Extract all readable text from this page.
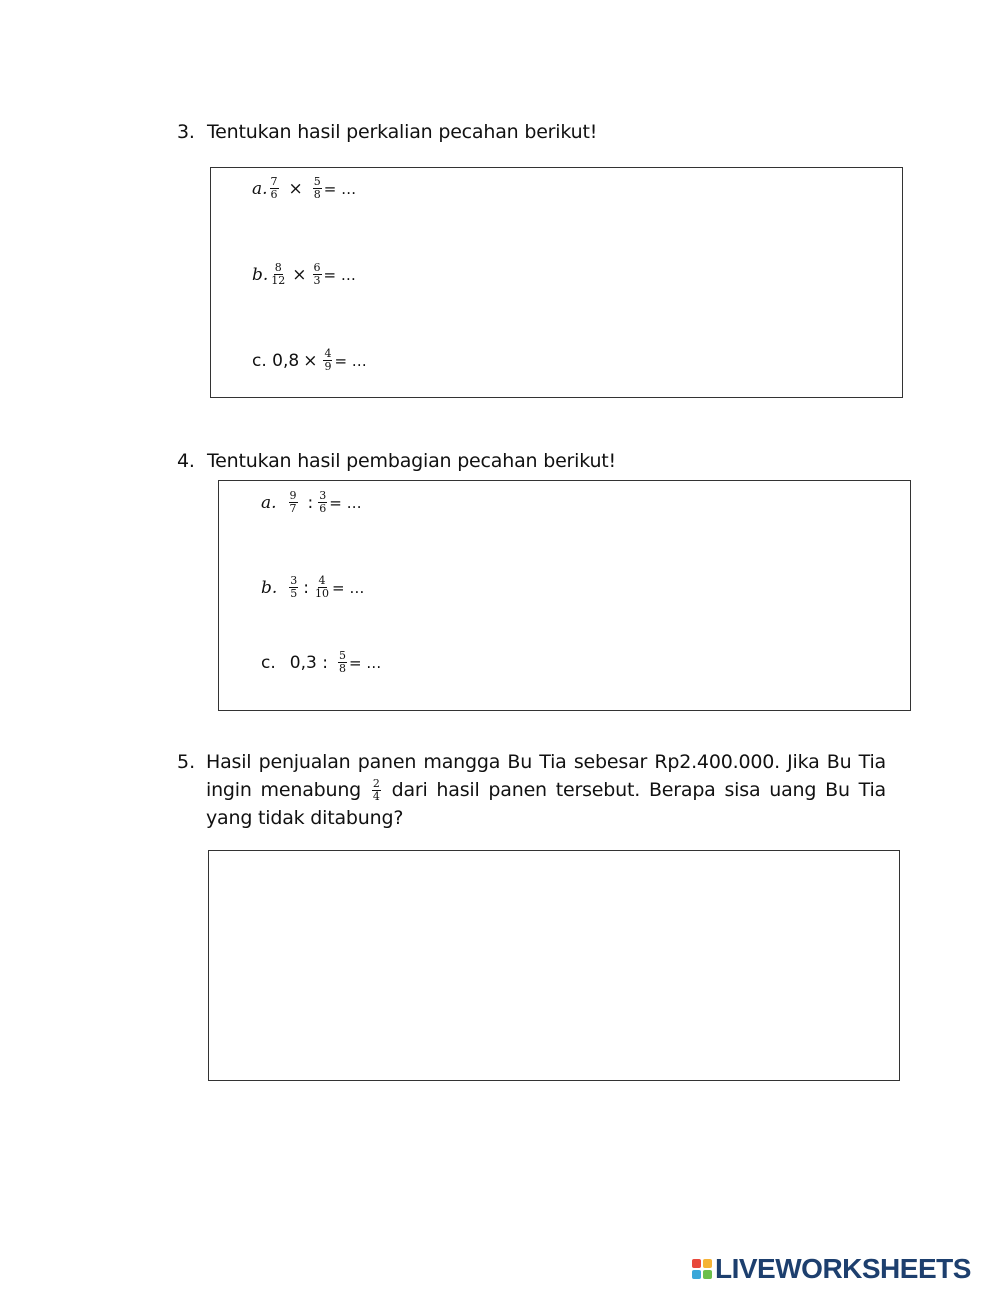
3. Tentukan hasil perkalian pecahan berikut!
a. $\frac{7}{6} \times \frac{5}{8}$ = …
b. $\frac{8}{12} \times \frac{6}{3}$ = …
c. $0,8 \times \frac{4}{9}$ = …
4. Tentukan hasil pembagian pecahan berikut!
a. $\frac{9}{7}$ : $\frac{3}{6}$ = …
b. $\frac{3}{5}$ : $\frac{4}{10}$ = …
c. 0,3 : $\frac{5}{8}$ = …
5. Hasil penjualan panen mangga Bu Tia sebesar Rp2.400.000. Jika Bu Tia ingin menabung $\frac{2}{4}$ dari hasil panen tersebut. Berapa sisa uang Bu Tia yang tidak ditabung?
LIVEWORKSHEETS
